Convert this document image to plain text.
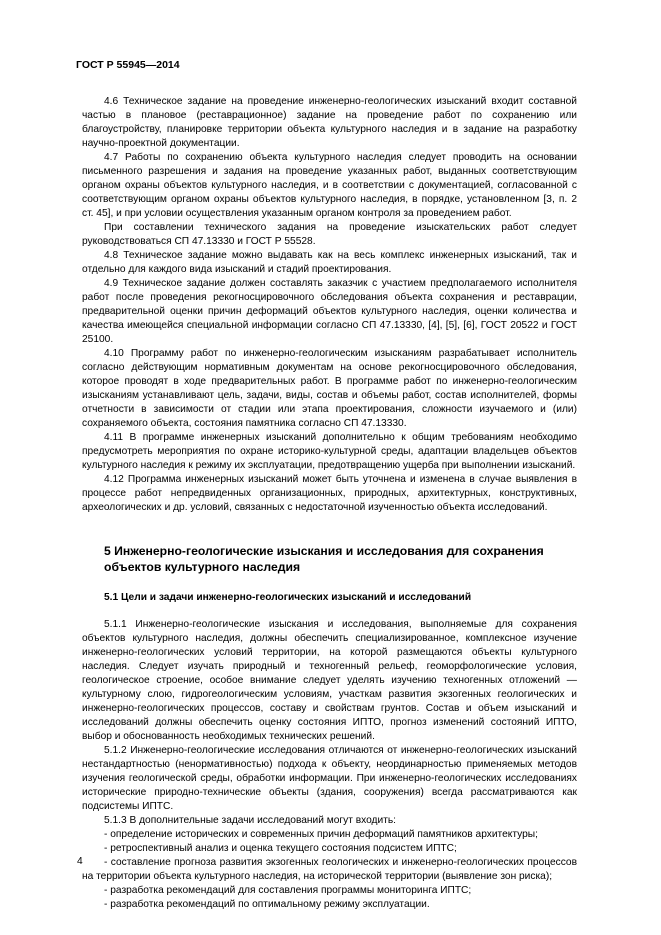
ГОСТ Р 55945—2014

4.6 Техническое задание на проведение инженерно-геологических изысканий входит составной частью в плановое (реставрационное) задание на проведение работ по сохранению или благоустройству, планировке территории объекта культурного наследия и в задание на разработку научно-проектной документации.

4.7 Работы по сохранению объекта культурного наследия следует проводить на основании письменного разрешения и задания на проведение указанных работ, выданных соответствующим органом охраны объектов культурного наследия, и в соответствии с документацией, согласованной с соответствующим органом охраны объектов культурного наследия, в порядке, установленном [3, п. 2 ст. 45], и при условии осуществления указанным органом контроля за проведением работ.

При составлении технического задания на проведение изыскательских работ следует руководствоваться СП 47.13330 и ГОСТ Р 55528.

4.8 Техническое задание можно выдавать как на весь комплекс инженерных изысканий, так и отдельно для каждого вида изысканий и стадий проектирования.

4.9 Техническое задание должен составлять заказчик с участием предполагаемого исполнителя работ после проведения рекогносцировочного обследования объекта сохранения и реставрации, предварительной оценки причин деформаций объектов культурного наследия, оценки количества и качества имеющейся специальной информации согласно СП 47.13330, [4], [5], [6], ГОСТ 20522 и ГОСТ 25100.

4.10 Программу работ по инженерно-геологическим изысканиям разрабатывает исполнитель согласно действующим нормативным документам на основе рекогносцировочного обследования, которое проводят в ходе предварительных работ. В программе работ по инженерно-геологическим изысканиям устанавливают цель, задачи, виды, состав и объемы работ, состав исполнителей, формы отчетности в зависимости от стадии или этапа проектирования, сложности изучаемого и (или) сохраняемого объекта, состояния памятника согласно СП 47.13330.

4.11 В программе инженерных изысканий дополнительно к общим требованиям необходимо предусмотреть мероприятия по охране историко-культурной среды, адаптации владельцев объектов культурного наследия к режиму их эксплуатации, предотвращению ущерба при выполнении изысканий.

4.12 Программа инженерных изысканий может быть уточнена и изменена в случае выявления в процессе работ непредвиденных организационных, природных, архитектурных, конструктивных, археологических и др. условий, связанных с недостаточной изученностью объекта исследований.

5 Инженерно-геологические изыскания и исследования для сохранения объектов культурного наследия
5.1 Цели и задачи инженерно-геологических изысканий и исследований

5.1.1 Инженерно-геологические изыскания и исследования, выполняемые для сохранения объектов культурного наследия, должны обеспечить специализированное, комплексное изучение инженерно-геологических условий территории, на которой размещаются объекты культурного наследия. Следует изучать природный и техногенный рельеф, геоморфологические условия, геологическое строение, особое внимание следует уделять изучению техногенных отложений — культурному слою, гидрогеологическим условиям, участкам развития экзогенных геологических и инженерно-геологических процессов, составу и свойствам грунтов. Состав и объем изысканий и исследований должны обеспечить оценку состояния ИПТО, прогноз изменений состояний ИПТО, выбор и обоснованность необходимых технических решений.

5.1.2 Инженерно-геологические исследования отличаются от инженерно-геологических изысканий нестандартностью (ненормативностью) подхода к объекту, неординарностью применяемых методов изучения геологической среды, обработки информации. При инженерно-геологических исследованиях исторические природно-технические объекты (здания, сооружения) всегда рассматриваются как подсистемы ИПТС.

5.1.3 В дополнительные задачи исследований могут входить:

- определение исторических и современных причин деформаций памятников архитектуры;

- ретроспективный анализ и оценка текущего состояния подсистем ИПТС;

- составление прогноза развития экзогенных геологических и инженерно-геологических процессов на территории объекта культурного наследия, на исторической территории (выявление зон риска);

- разработка рекомендаций для составления программы мониторинга ИПТС;

- разработка рекомендаций по оптимальному режиму эксплуатации.

4
